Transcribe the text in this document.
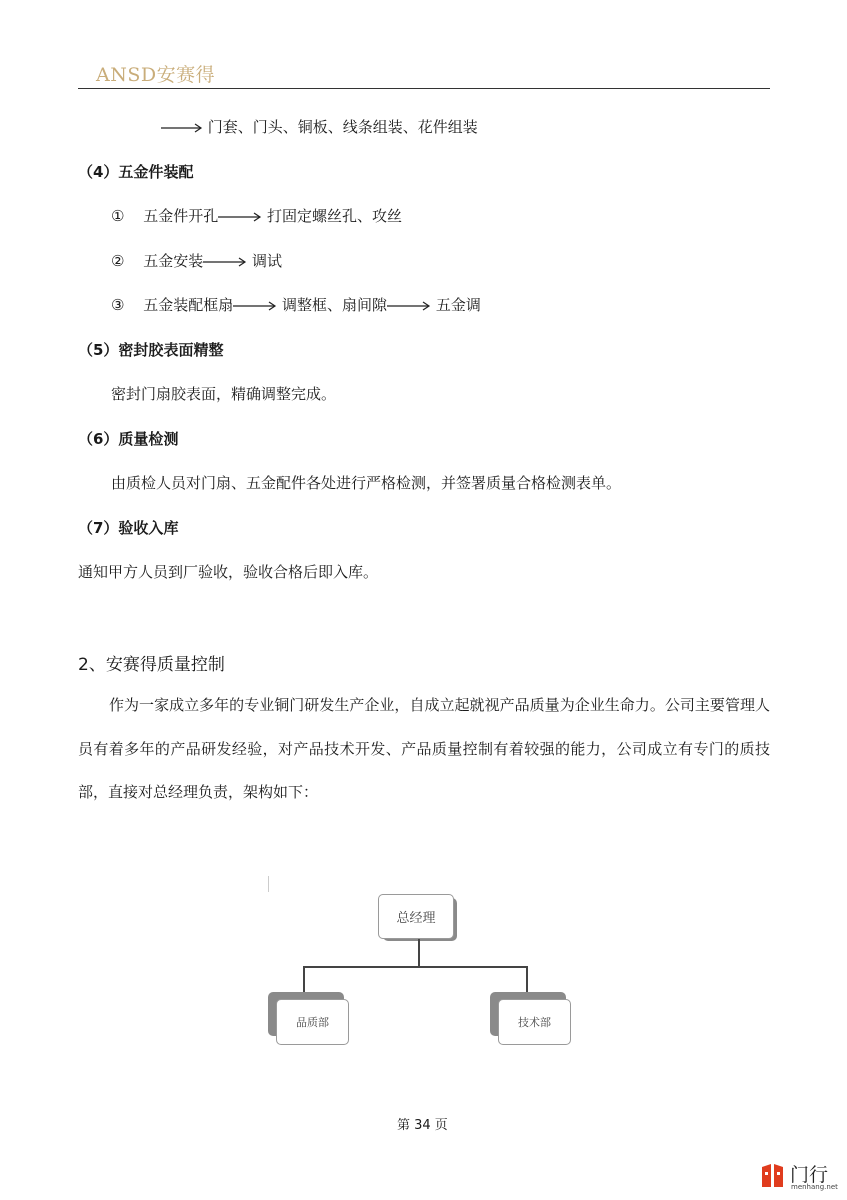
ANSD安赛得
门套、门头、铜板、线条组装、花件组装
（4）五金件装配
① 五金件开孔	打固定螺丝孔、攻丝
② 五金安装	调试
③ 五金装配框扇	调整框、扇间隙	五金调
（5）密封胶表面精整
密封门扇胶表面，精确调整完成。
（6）质量检测
由质检人员对门扇、五金配件各处进行严格检测，并签署质量合格检测表单。
（7）验收入库
通知甲方人员到厂验收，验收合格后即入库。
2、安赛得质量控制
作为一家成立多年的专业铜门研发生产企业，自成立起就视产品质量为企业生命力。公司主要管理人员有着多年的产品研发经验，对产品技术开发、产品质量控制有着较强的能力，公司成立有专门的质技部，直接对总经理负责，架构如下：
总经理
品质部	技术部
第 34 页
门行
menhang.net
